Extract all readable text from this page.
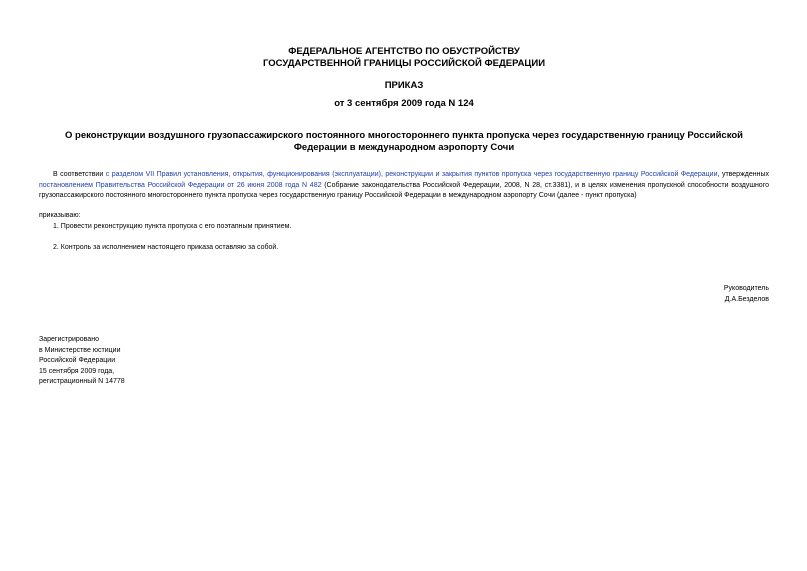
ФЕДЕРАЛЬНОЕ АГЕНТСТВО ПО ОБУСТРОЙСТВУ
ГОСУДАРСТВЕННОЙ ГРАНИЦЫ РОССИЙСКОЙ ФЕДЕРАЦИИ
ПРИКАЗ
от 3 сентября 2009 года N 124
О реконструкции воздушного грузопассажирского постоянного многостороннего пункта пропуска через государственную границу Российской Федерации в международном аэропорту Сочи
В соответствии с разделом VII Правил установления, открытия, функционирования (эксплуатации), реконструкции и закрытия пунктов пропуска через государственную границу Российской Федерации, утвержденных постановлением Правительства Российской Федерации от 26 июня 2008 года N 482 (Собрание законодательства Российской Федерации, 2008, N 28, ст.3381), и в целях изменения пропускной способности воздушного грузопассажирского постоянного многостороннего пункта пропуска через государственную границу Российской Федерации в международном аэропорту Сочи (далее - пункт пропуска)
приказываю:
1. Провести реконструкцию пункта пропуска с его поэтапным принятием.
2. Контроль за исполнением настоящего приказа оставляю за собой.
Руководитель
Д.А.Безделов
Зарегистрировано
в Министерстве юстиции
Российской Федерации
15 сентября 2009 года,
регистрационный N 14778
